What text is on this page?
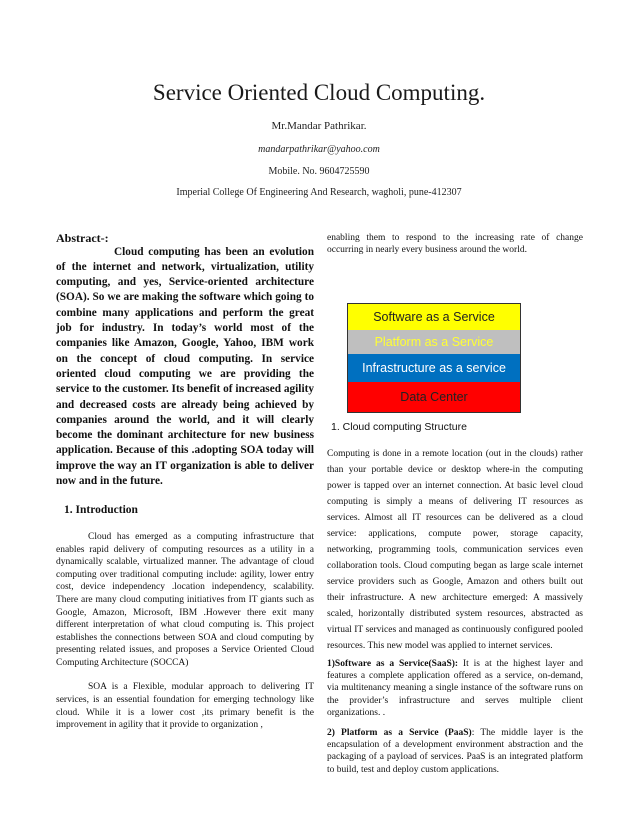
Service Oriented Cloud Computing.
Mr.Mandar Pathrikar.
mandarpathrikar@yahoo.com
Mobile. No. 9604725590
Imperial College Of Engineering And Research, wagholi, pune-412307
Abstract-:

Cloud computing has been an evolution of the internet and network, virtualization, utility computing, and yes, Service-oriented architecture (SOA). So we are making the software which going to combine many applications and perform the great job for industry. In today’s world most of the companies like Amazon, Google, Yahoo, IBM work on the concept of cloud computing. In service oriented cloud computing we are providing the service to the customer. Its benefit of increased agility and decreased costs are already being achieved by companies around the world, and it will clearly become the dominant architecture for new business application. Because of this .adopting SOA today will improve the way an IT organization is able to deliver now and in the future.

1. Introduction

Cloud has emerged as a computing infrastructure that enables rapid delivery of computing resources as a utility in a dynamically scalable, virtualized manner. The advantage of cloud computing over traditional computing include: agility, lower entry cost, device independency .location independency, scalability. There are many cloud computing initiatives from IT giants such as Google, Amazon, Microsoft, IBM .However there exit many different interpretation of what cloud computing is. This project establishes the connections between SOA and cloud computing by presenting related issues, and proposes a Service Oriented Cloud Computing Architecture (SOCCA)

SOA is a Flexible, modular approach to delivering IT services, is an essential foundation for emerging technology like cloud. While it is a lower cost ,its primary benefit is the improvement in agility that it provide to organization ,

enabling them to respond to the increasing rate of change occurring in nearly every business around the world.

Software as a Service
Platform as a Service
Infrastructure as a service
Data Center
1. Cloud computing Structure

Computing is done in a remote location (out in the clouds) rather than your portable device or desktop where-in the computing power is tapped over an internet connection. At basic level cloud computing is simply a means of delivering IT resources as services. Almost all IT resources can be delivered as a cloud service: applications, compute power, storage capacity, networking, programming tools, communication services even collaboration tools. Cloud computing began as large scale internet service providers such as Google, Amazon and others built out their infrastructure. A new architecture emerged: A massively scaled, horizontally distributed system resources, abstracted as virtual IT services and managed as continuously configured pooled resources. This new model was applied to internet services.

1)Software as a Service(SaaS): It is at the highest layer and features a complete application offered as a service, on-demand, via multitenancy meaning a single instance of the software runs on the provider’s infrastructure and serves multiple client organizations. .

2) Platform as a Service (PaaS): The middle layer is the encapsulation of a development environment abstraction and the packaging of a payload of services. PaaS is an integrated platform to build, test and deploy custom applications.
